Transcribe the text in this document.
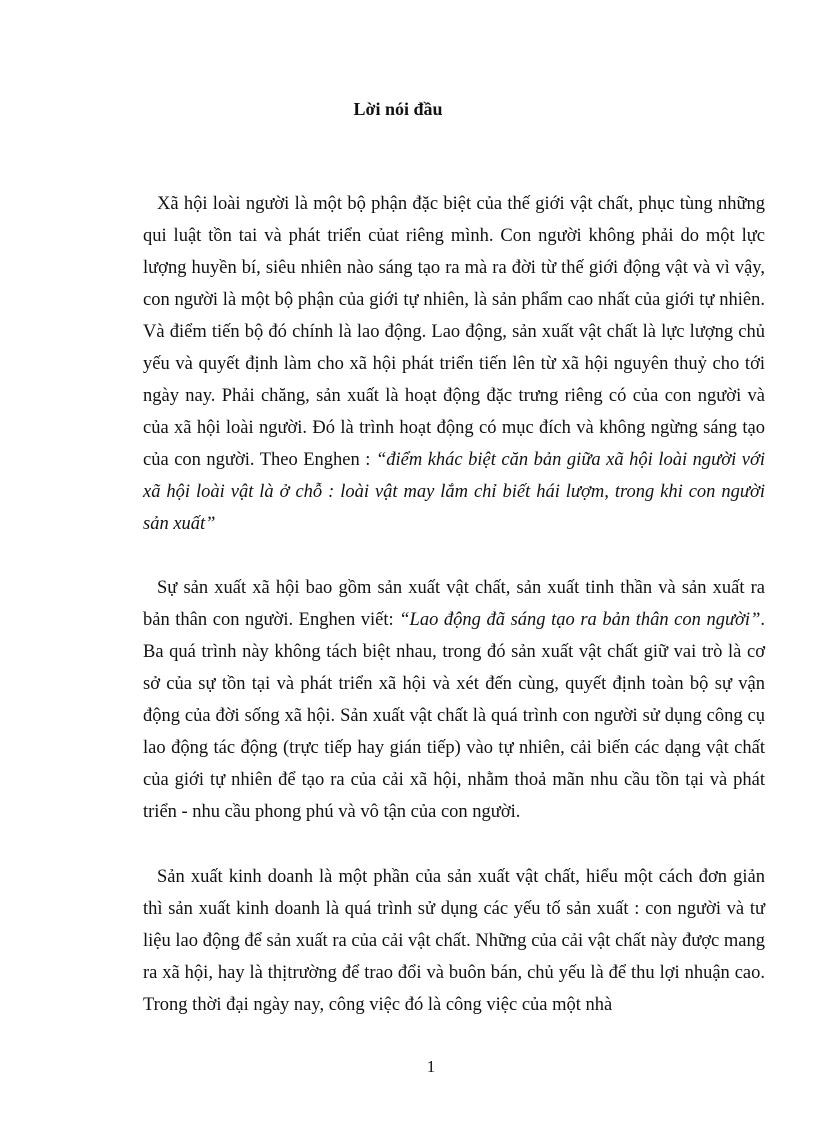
Lời nói đầu

Xã hội loài người là một bộ phận đặc biệt của thế giới vật chất, phục tùng những qui luật tồn tai và phát triển củat riêng mình. Con người không phải do một lực lượng huyền bí, siêu nhiên nào sáng tạo ra mà ra đời từ thế giới động vật và vì vậy, con người là một bộ phận của giới tự nhiên, là sản phẩm cao nhất của giới tự nhiên. Và điểm tiến bộ đó chính là lao động. Lao động, sản xuất vật chất là lực lượng chủ yếu và quyết định làm cho xã hội phát triển tiến lên từ xã hội nguyên thuỷ cho tới ngày nay. Phải chăng, sản xuất là hoạt động đặc trưng riêng có của con người và của xã hội loài người. Đó là trình hoạt động có mục đích và không ngừng sáng tạo của con người. Theo Enghen : “điểm khác biệt căn bản giữa xã hội loài người với xã hội loài vật là ở chỗ : loài vật may lắm chỉ biết hái lượm, trong khi con người sản xuất”

Sự sản xuất xã hội bao gồm sản xuất vật chất, sản xuất tinh thần và sản xuất ra bản thân con người. Enghen viết: “Lao động đã sáng tạo ra bản thân con người”. Ba quá trình này không tách biệt nhau, trong đó sản xuất vật chất giữ vai trò là cơ sở của sự tồn tại và phát triển xã hội và xét đến cùng, quyết định toàn bộ sự vận động của đời sống xã hội. Sản xuất vật chất là quá trình con người sử dụng công cụ lao động tác động (trực tiếp hay gián tiếp) vào tự nhiên, cải biến các dạng vật chất của giới tự nhiên để tạo ra của cải xã hội, nhằm thoả mãn nhu cầu tồn tại và phát triển - nhu cầu phong phú và vô tận của con người.

Sản xuất kinh doanh là một phần của sản xuất vật chất, hiểu một cách đơn giản thì sản xuất kinh doanh là quá trình sử dụng các yếu tố sản xuất : con người và tư liệu lao động để sản xuất ra của cải vật chất. Những của cải vật chất này được mang ra xã hội, hay là thịtrường để trao đổi và buôn bán, chủ yếu là để thu lợi nhuận cao. Trong thời đại ngày nay, công việc đó là công việc của một nhà

1
